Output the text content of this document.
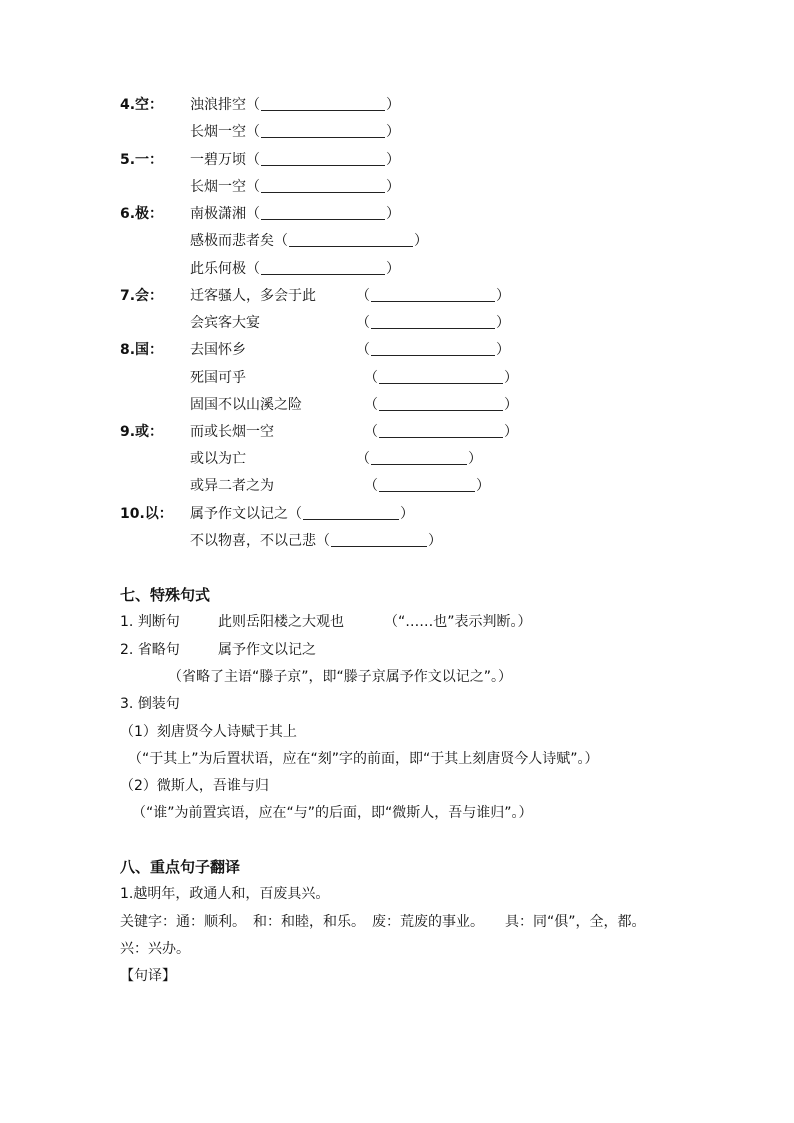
4.空： 浊浪排空（	）
长烟一空（	）
5.一： 一碧万顷（	）
长烟一空（	）
6.极： 南极潇湘（	）
感极而悲者矣（	）
此乐何极（	）
7.会： 迁客骚人，多会于此	（	）
会宾客大宴	（	）
8.国： 去国怀乡	（	）
死国可乎	（	）
固国不以山溪之险	（	）
9.或： 而或长烟一空	（	）
或以为亡	（	）
或异二者之为	（	）
10.以： 属予作文以记之（	）
不以物喜，不以己悲（	）
七、特殊句式
1. 判断句	此则岳阳楼之大观也	（“……也”表示判断。）
2. 省略句	属予作文以记之
（省略了主语“滕子京”，即“滕子京属予作文以记之”。）
3. 倒装句
（1）刻唐贤今人诗赋于其上
（“于其上”为后置状语，应在“刻”字的前面，即“于其上刻唐贤今人诗赋”。）
（2）微斯人，吾谁与归
（“谁”为前置宾语，应在“与”的后面，即“微斯人，吾与谁归”。）
八、重点句子翻译
1.越明年，政通人和，百废具兴。
关键字：通：顺利。　和：和睦，和乐。　废：荒废的事业。　　具：同“俱”，全，都。
兴：兴办。
【句译】
